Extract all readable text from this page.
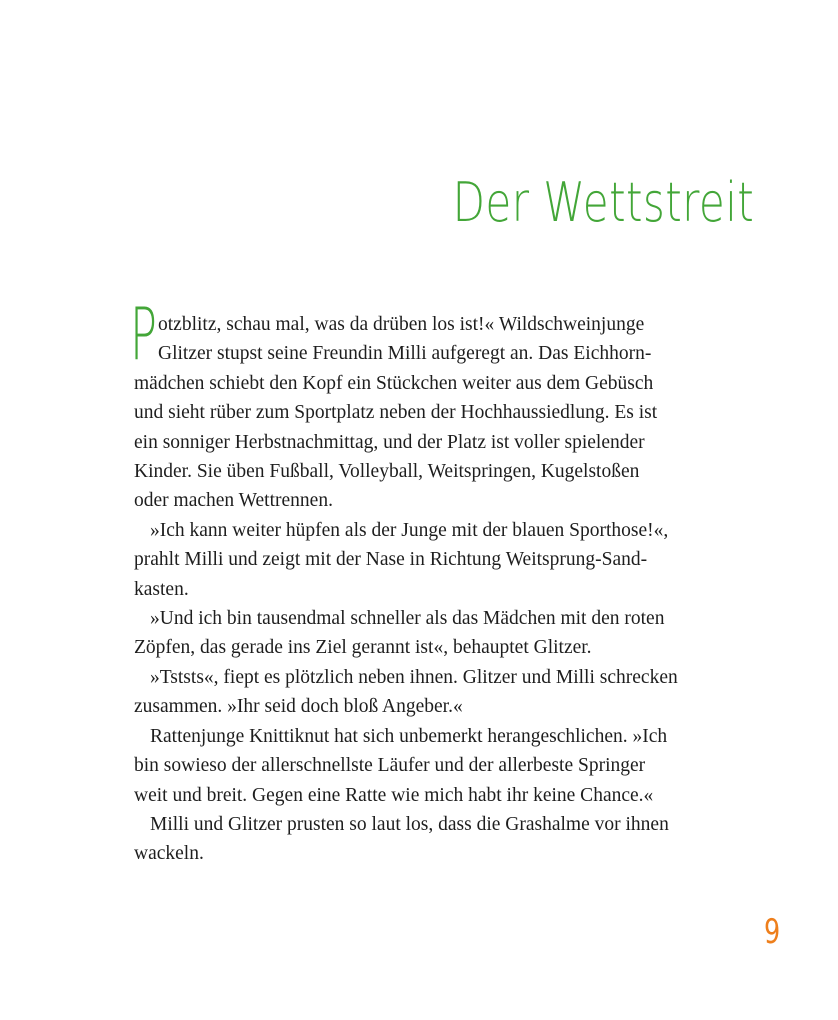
Der Wettstreit
P otzblitz, schau mal, was da drüben los ist!« Wildschweinjunge
Glitzer stupst seine Freundin Milli aufgeregt an. Das Eichhorn-
mädchen schiebt den Kopf ein Stückchen weiter aus dem Gebüsch
und sieht rüber zum Sportplatz neben der Hochhaussiedlung. Es ist
ein sonniger Herbstnachmittag, und der Platz ist voller spielender
Kinder. Sie üben Fußball, Volleyball, Weitspringen, Kugelstoßen
oder machen Wettrennen.

»Ich kann weiter hüpfen als der Junge mit der blauen Sporthose!«,
prahlt Milli und zeigt mit der Nase in Richtung Weitsprung-Sand-
kasten.

»Und ich bin tausendmal schneller als das Mädchen mit den roten
Zöpfen, das gerade ins Ziel gerannt ist«, behauptet Glitzer.

»Tststs«, fiept es plötzlich neben ihnen. Glitzer und Milli schrecken
zusammen. »Ihr seid doch bloß Angeber.«

Rattenjunge Knittiknut hat sich unbemerkt herangeschlichen. »Ich
bin sowieso der allerschnellste Läufer und der allerbeste Springer
weit und breit. Gegen eine Ratte wie mich habt ihr keine Chance.«

Milli und Glitzer prusten so laut los, dass die Grashalme vor ihnen
wackeln.

9
